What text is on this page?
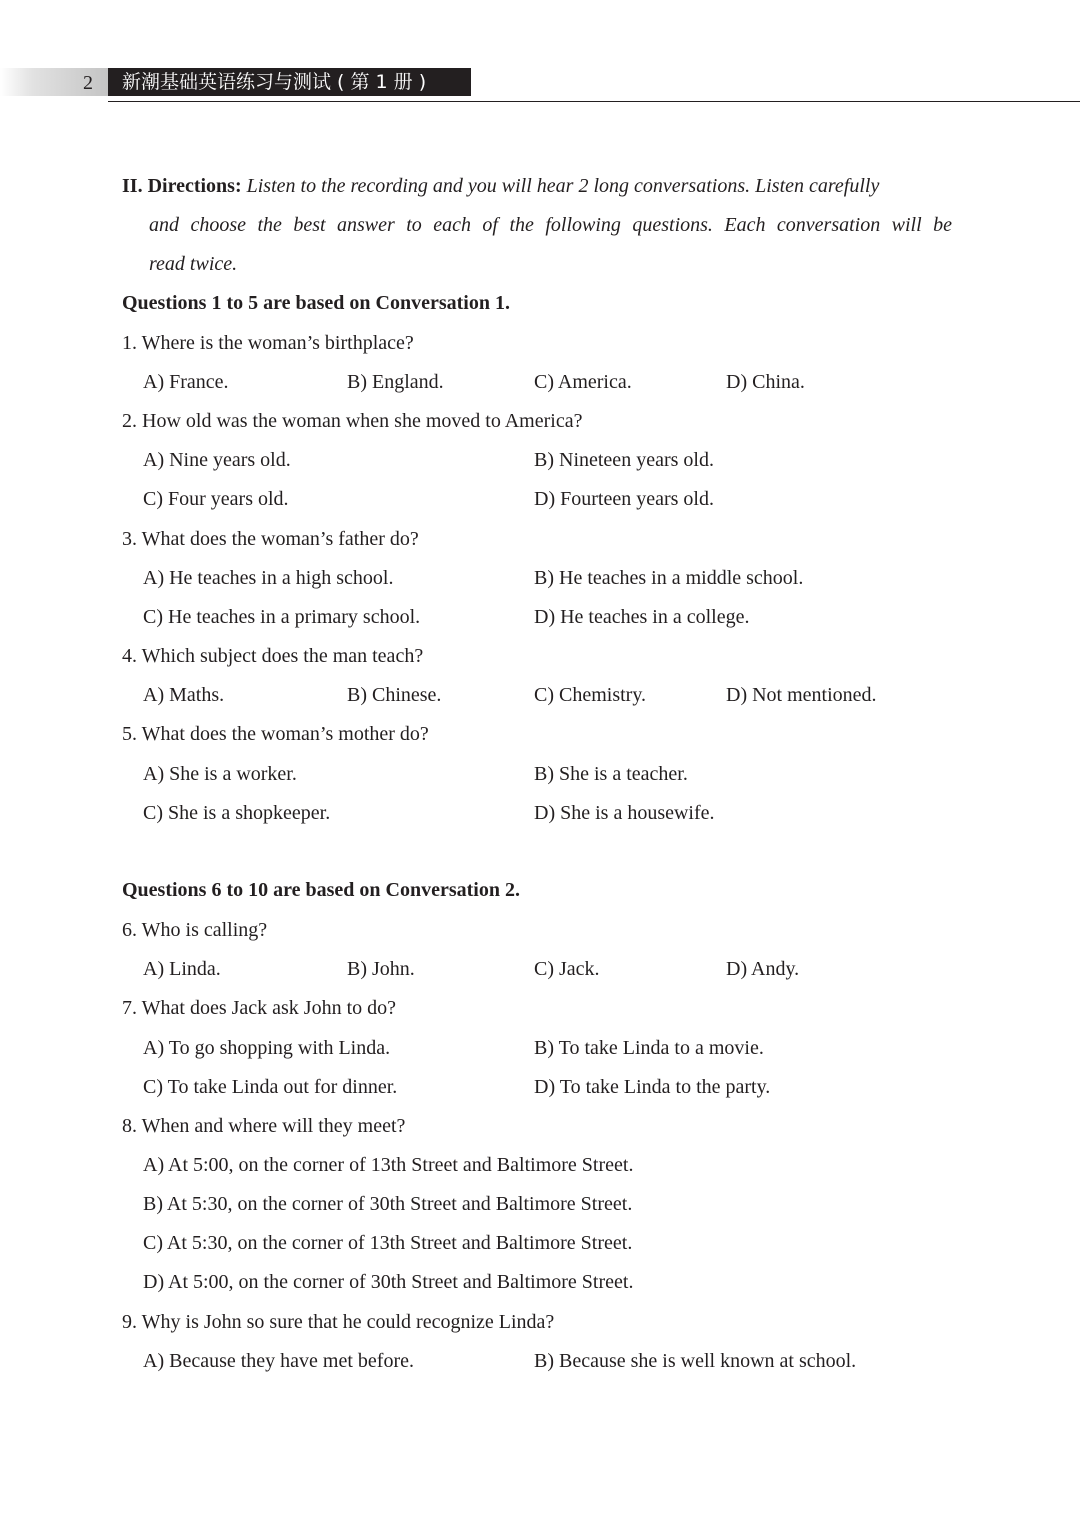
2 新潮基础英语练习与测试 ( 第 1 册 )
II. Directions: Listen to the recording and you will hear 2 long conversations. Listen carefully
and choose the best answer to each of the following questions. Each conversation will be
read twice.
Questions 1 to 5 are based on Conversation 1.
1. Where is the woman’s birthplace?
A) France.	B) England.	C) America.	D) China.
2. How old was the woman when she moved to America?
A) Nine years old.	B) Nineteen years old.
C) Four years old.	D) Fourteen years old.
3. What does the woman’s father do?
A) He teaches in a high school.	B) He teaches in a middle school.
C) He teaches in a primary school.	D) He teaches in a college.
4. Which subject does the man teach?
A) Maths.	B) Chinese.	C) Chemistry.	D) Not mentioned.
5. What does the woman’s mother do?
A) She is a worker.	B) She is a teacher.
C) She is a shopkeeper.	D) She is a housewife.
Questions 6 to 10 are based on Conversation 2.
6. Who is calling?
A) Linda.	B) John.	C) Jack.	D) Andy.
7. What does Jack ask John to do?
A) To go shopping with Linda.	B) To take Linda to a movie.
C) To take Linda out for dinner.	D) To take Linda to the party.
8. When and where will they meet?
A) At 5:00, on the corner of 13th Street and Baltimore Street.
B) At 5:30, on the corner of 30th Street and Baltimore Street.
C) At 5:30, on the corner of 13th Street and Baltimore Street.
D) At 5:00, on the corner of 30th Street and Baltimore Street.
9. Why is John so sure that he could recognize Linda?
A) Because they have met before.	B) Because she is well known at school.
